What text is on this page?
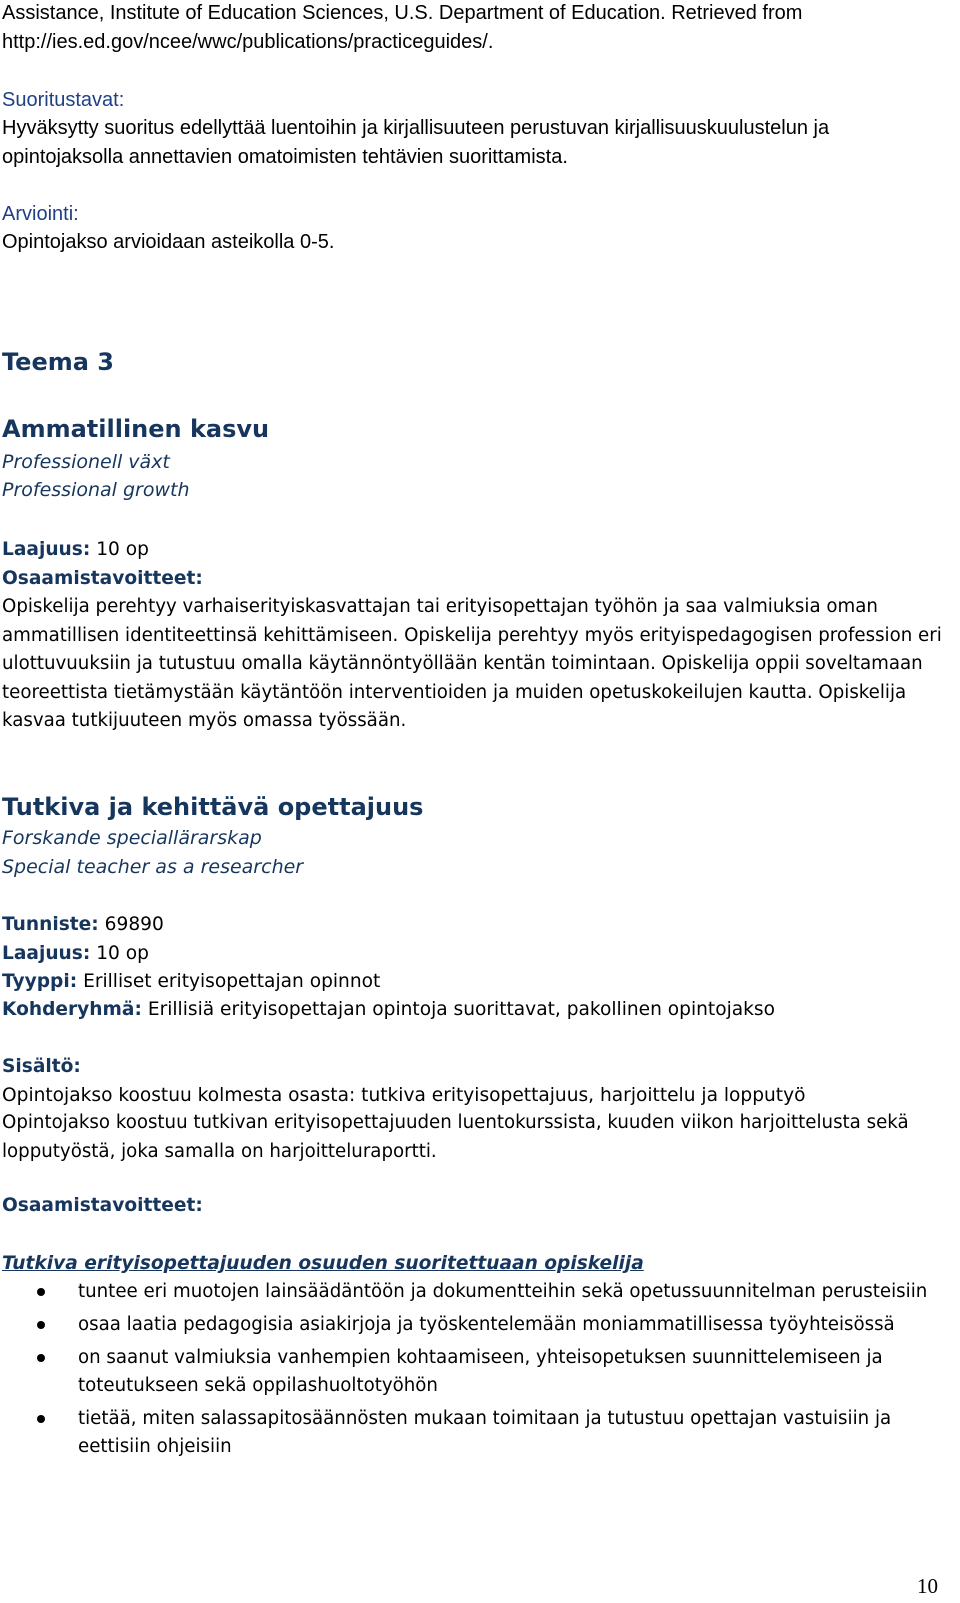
Assistance, Institute of Education Sciences, U.S. Department of Education. Retrieved from
http://ies.ed.gov/ncee/wwc/publications/practiceguides/.
Suoritustavat:
Hyväksytty suoritus edellyttää luentoihin ja kirjallisuuteen perustuvan kirjallisuuskuulustelun ja
opintojaksolla annettavien omatoimisten tehtävien suorittamista.
Arviointi:
Opintojakso arvioidaan asteikolla 0-5.
Teema 3
Ammatillinen kasvu
Professionell växt
Professional growth
Laajuus: 10 op
Osaamistavoitteet:
Opiskelija perehtyy varhaiserityiskasvattajan tai erityisopettajan työhön ja saa valmiuksia oman ammatillisen identiteettinsä kehittämiseen. Opiskelija perehtyy myös erityispedagogisen profession eri ulottuvuuksiin ja tutustuu omalla käytännöntyöllään kentän toimintaan. Opiskelija oppii soveltamaan teoreettista tietämystään käytäntöön interventioiden ja muiden opetuskokeilujen kautta. Opiskelija kasvaa tutkijuuteen myös omassa työssään.
Tutkiva ja kehittävä opettajuus
Forskande speciallärarskap
Special teacher as a researcher
Tunniste: 69890
Laajuus: 10 op
Tyyppi: Erilliset erityisopettajan opinnot
Kohderyhmä: Erillisiä erityisopettajan opintoja suorittavat, pakollinen opintojakso
Sisältö:
Opintojakso koostuu kolmesta osasta: tutkiva erityisopettajuus, harjoittelu ja lopputyö
Opintojakso koostuu tutkivan erityisopettajuuden luentokurssista, kuuden viikon harjoittelusta sekä lopputyöstä, joka samalla on harjoitteluraportti.
Osaamistavoitteet:
Tutkiva erityisopettajuuden osuuden suoritettuaan opiskelija
tuntee eri muotojen lainsäädäntöön ja dokumentteihin sekä opetussuunnitelman perusteisiin
osaa laatia pedagogisia asiakirjoja ja työskentelemään moniammatillisessa työyhteisössä
on saanut valmiuksia vanhempien kohtaamiseen, yhteisopetuksen suunnittelemiseen ja toteutukseen sekä oppilashuoltotyöhön
tietää, miten salassapitosäännösten mukaan toimitaan ja tutustuu opettajan vastuisiin ja eettisiin ohjeisiin
10
